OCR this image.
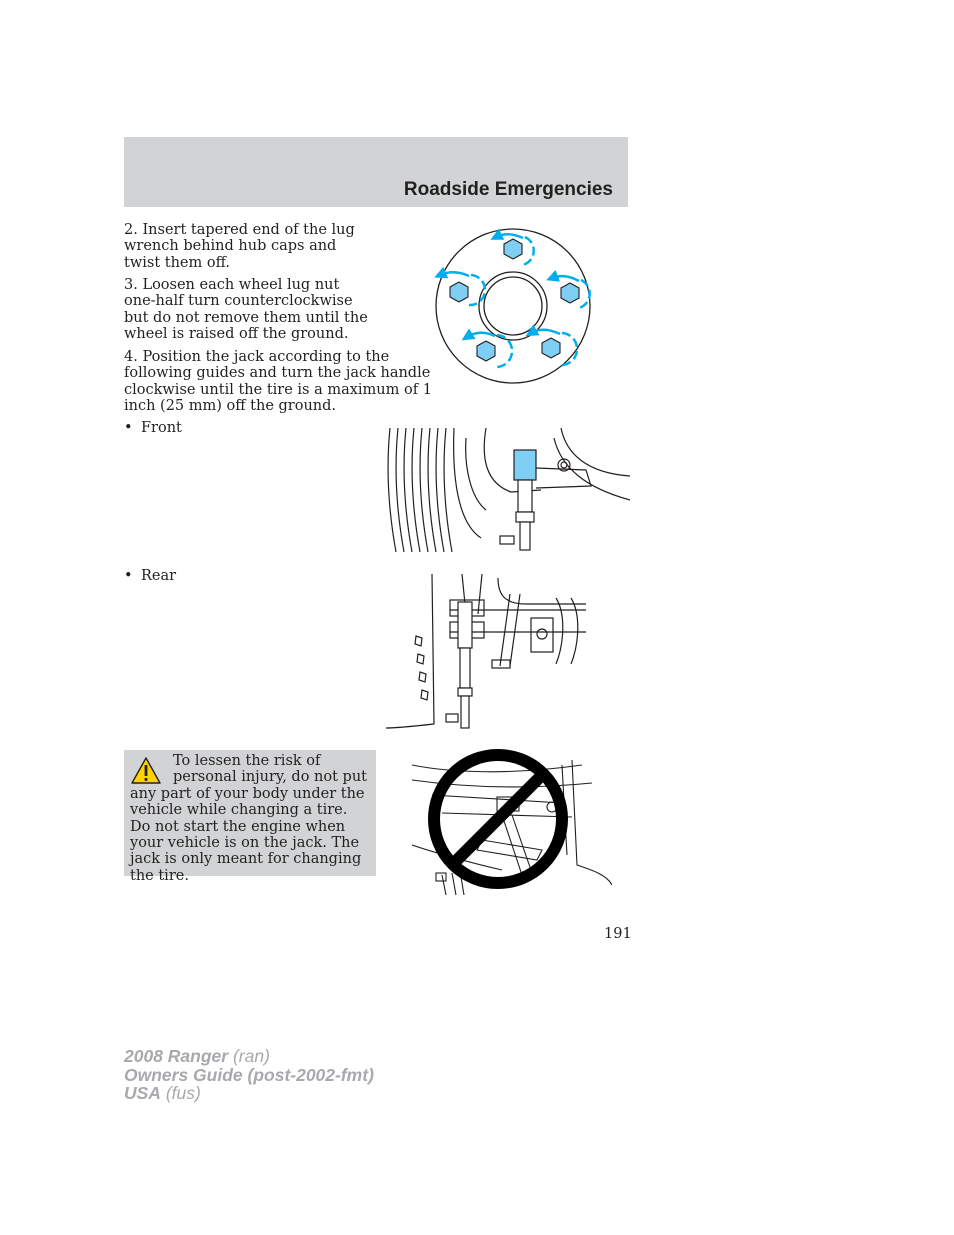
Roadside Emergencies

2. Insert tapered end of the lug wrench behind hub caps and twist them off.

3. Loosen each wheel lug nut one-half turn counterclockwise but do not remove them until the wheel is raised off the ground.

4. Position the jack according to the following guides and turn the jack handle clockwise until the tire is a maximum of 1 inch (25 mm) off the ground.

• Front
• Rear

To lessen the risk of personal injury, do not put any part of your body under the vehicle while changing a tire. Do not start the engine when your vehicle is on the jack. The jack is only meant for changing the tire.

191
2008 Ranger (ran)
Owners Guide (post-2002-fmt)
USA (fus)
